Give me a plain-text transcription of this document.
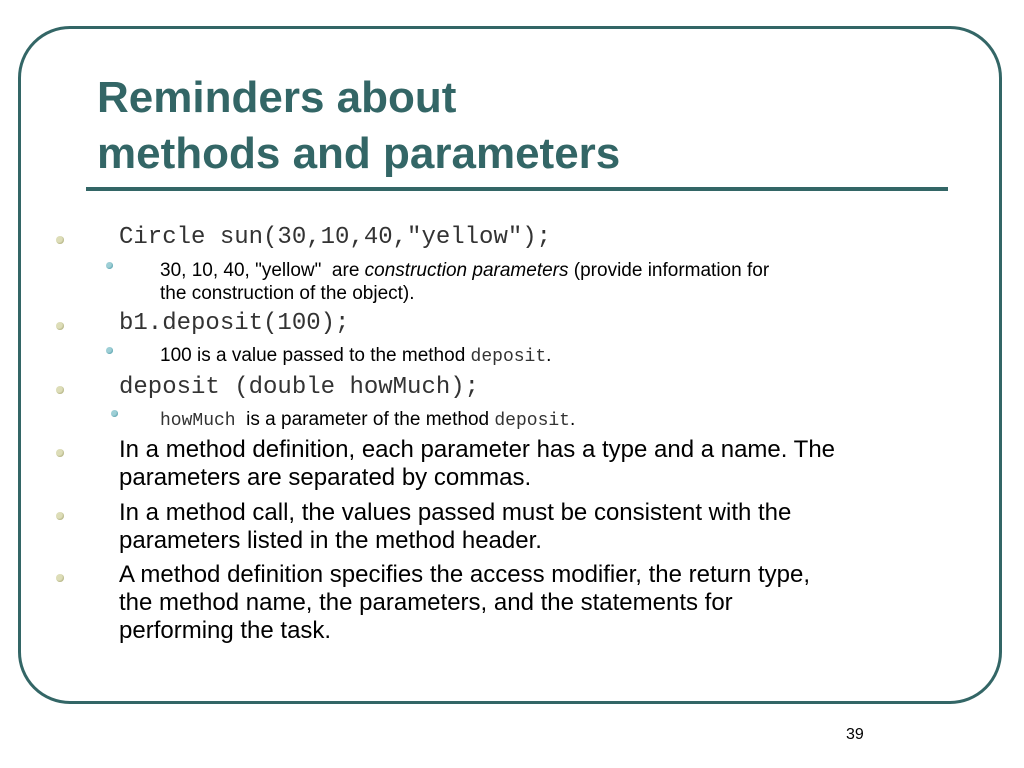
Reminders about
methods and parameters
Circle sun(30,10,40,"yellow");
30, 10, 40, "yellow"  are construction parameters (provide information for
the construction of the object).
b1.deposit(100);
100 is a value passed to the method deposit.
deposit (double howMuch);
howMuch  is a parameter of the method deposit.
In a method definition, each parameter has a type and a name. The
parameters are separated by commas.
In a method call, the values passed must be consistent with the
parameters listed in the method header.
A method definition specifies the access modifier, the return type,
the method name, the parameters, and the statements for
performing the task.
39
